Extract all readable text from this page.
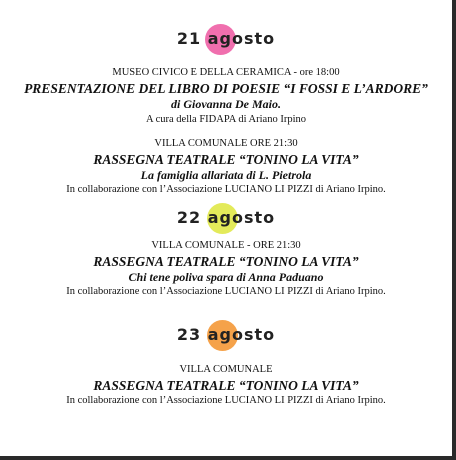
21 agosto
MUSEO CIVICO E DELLA CERAMICA - ore 18:00
PRESENTAZIONE DEL LIBRO DI POESIE “I FOSSI E L’ARDORE”
di Giovanna De Maio.
A cura della FIDAPA di Ariano Irpino
VILLA COMUNALE ORE 21:30
RASSEGNA TEATRALE “TONINO LA VITA”
La famiglia allariata di L. Pietrola
In collaborazione con l’Associazione LUCIANO LI PIZZI di Ariano Irpino.
22 agosto
VILLA COMUNALE - ORE 21:30
RASSEGNA TEATRALE “TONINO LA VITA”
Chi tene poliva spara di Anna Paduano
In collaborazione con l’Associazione LUCIANO LI PIZZI di Ariano Irpino.
23 agosto
VILLA COMUNALE
RASSEGNA TEATRALE “TONINO LA VITA”
In collaborazione con l’Associazione LUCIANO LI PIZZI di Ariano Irpino.
